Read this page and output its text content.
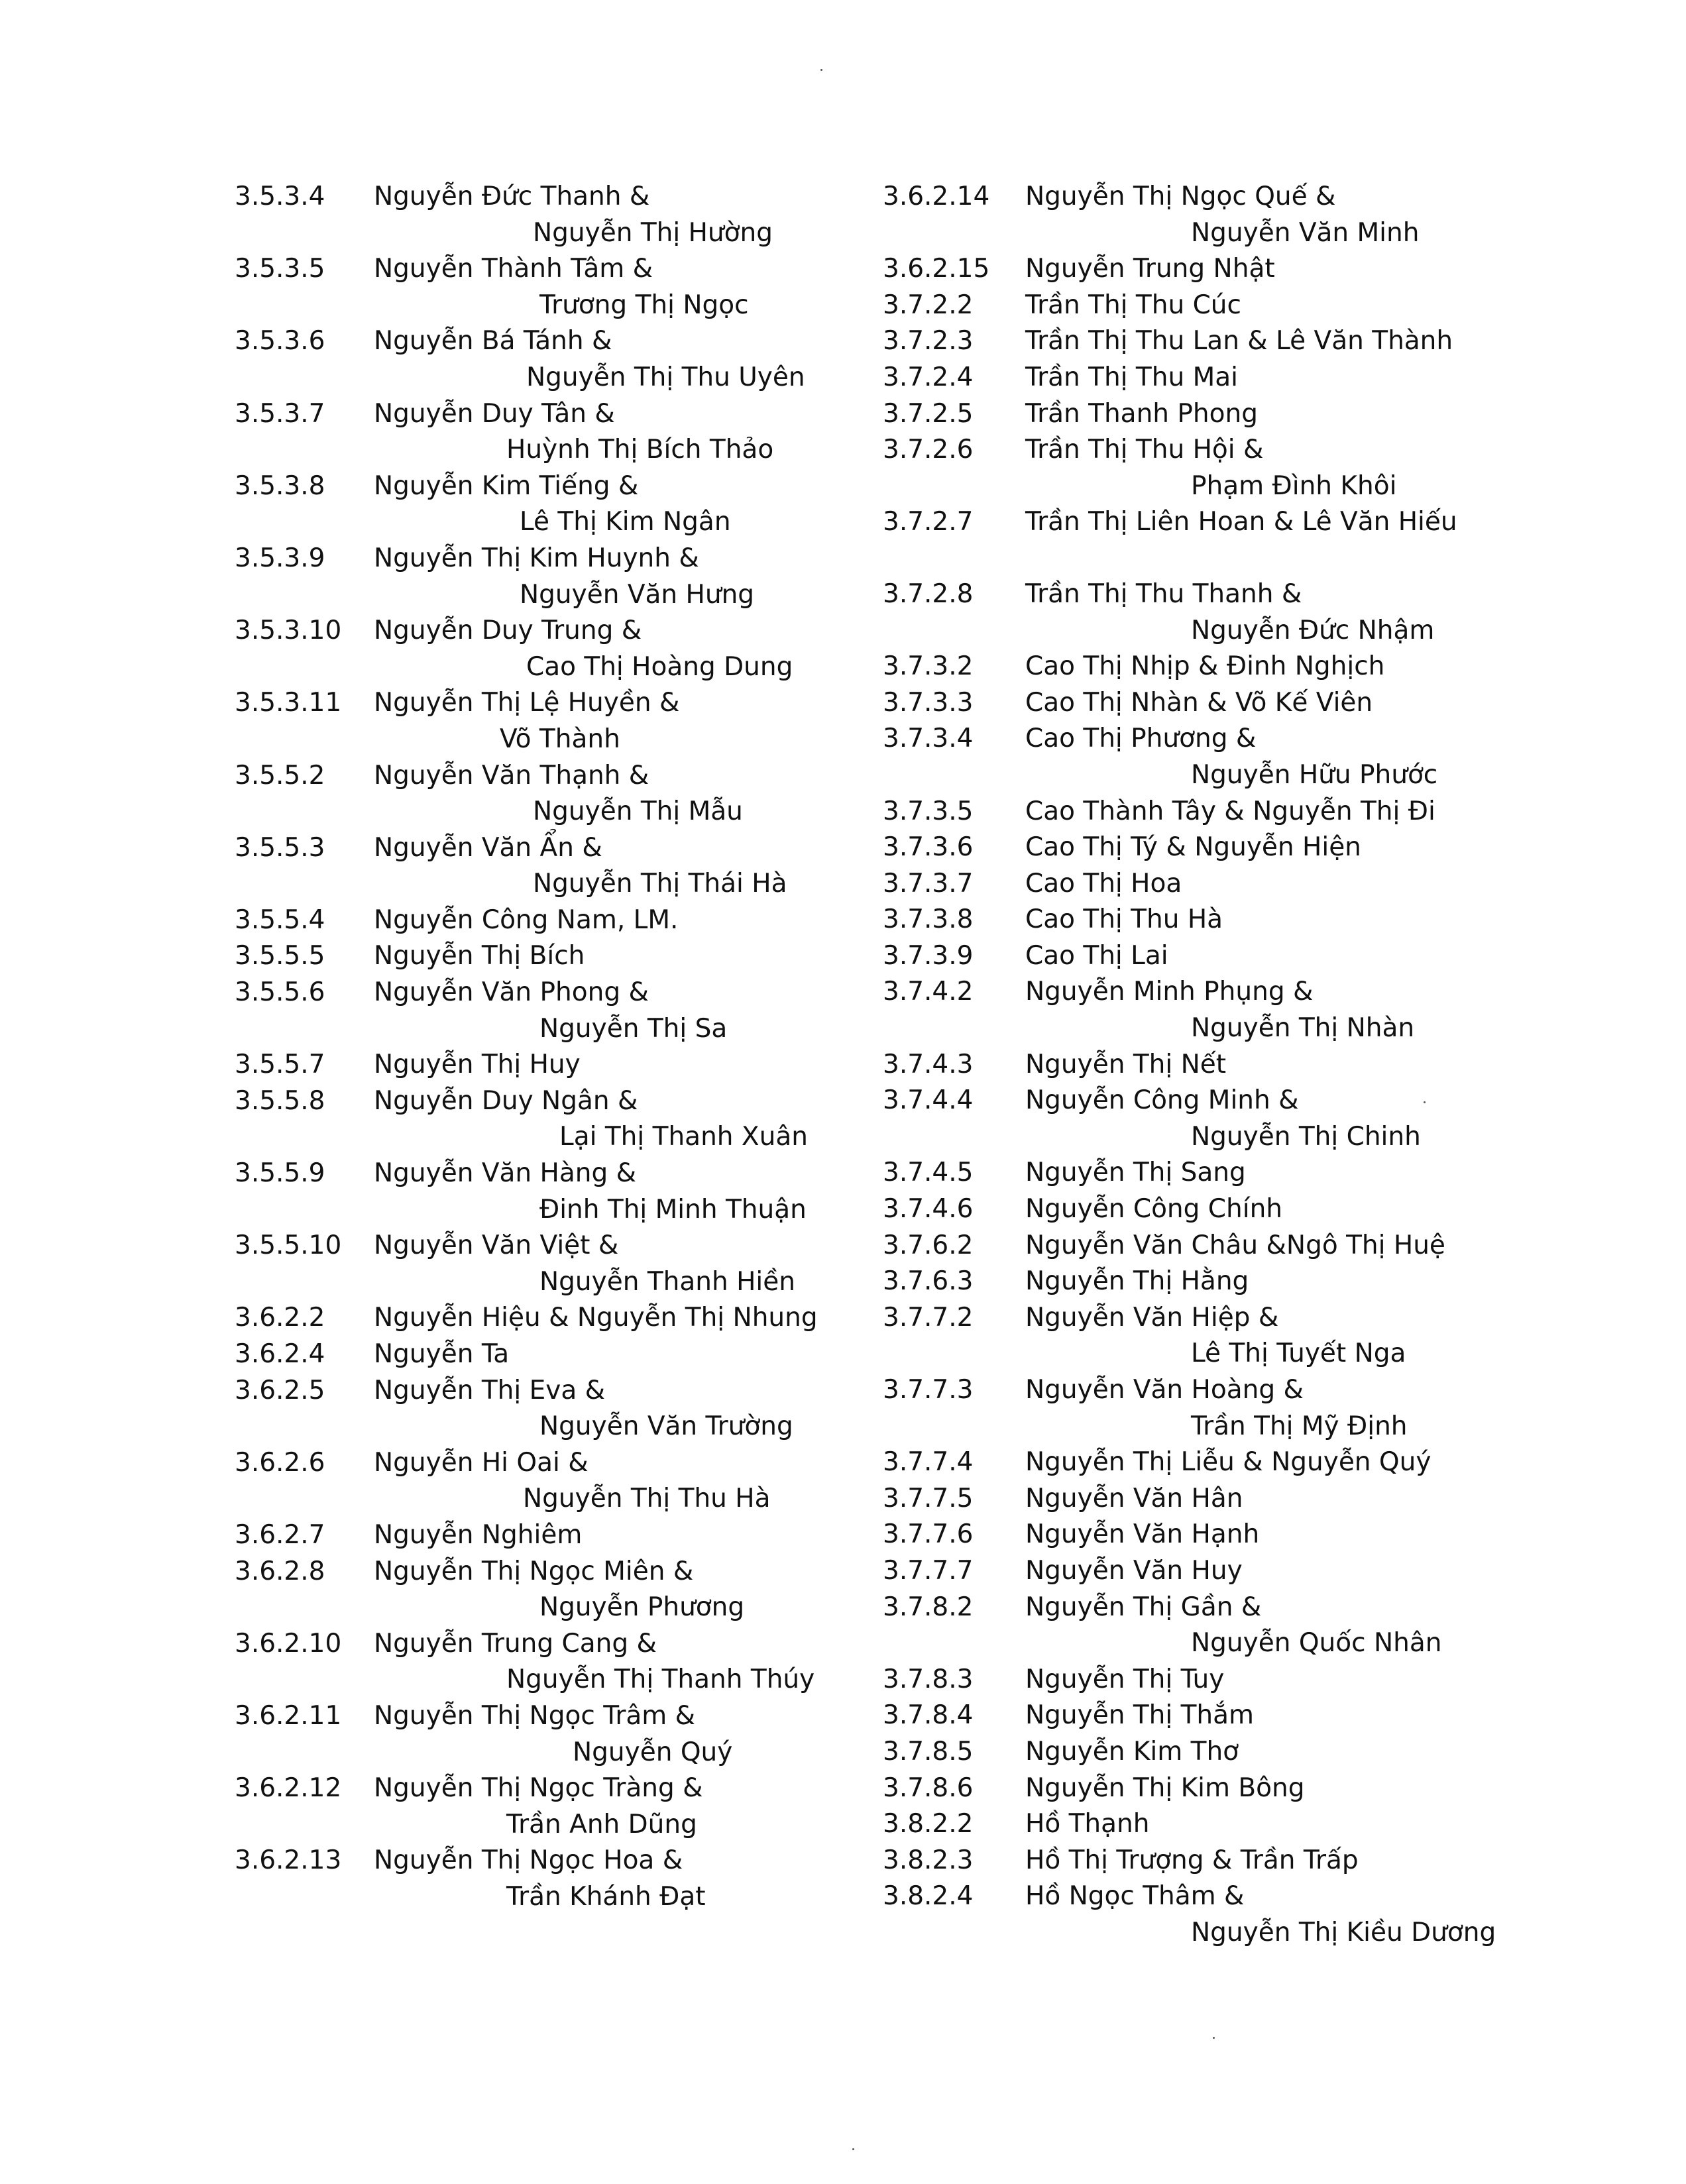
3.5.3.4 Nguyễn Đức Thanh &
Nguyễn Thị Hường
3.5.3.5 Nguyễn Thành Tâm &
Trương Thị Ngọc
3.5.3.6 Nguyễn Bá Tánh &
Nguyễn Thị Thu Uyên
3.5.3.7 Nguyễn Duy Tân &
Huỳnh Thị Bích Thảo
3.5.3.8 Nguyễn Kim Tiếng &
Lê Thị Kim Ngân
3.5.3.9 Nguyễn Thị Kim Huynh &
Nguyễn Văn Hưng
3.5.3.10 Nguyễn Duy Trung &
Cao Thị Hoàng Dung
3.5.3.11 Nguyễn Thị Lệ Huyền &
Võ Thành
3.5.5.2 Nguyễn Văn Thạnh &
Nguyễn Thị Mẫu
3.5.5.3 Nguyễn Văn Ẩn &
Nguyễn Thị Thái Hà
3.5.5.4 Nguyễn Công Nam, LM.
3.5.5.5 Nguyễn Thị Bích
3.5.5.6 Nguyễn Văn Phong &
Nguyễn Thị Sa
3.5.5.7 Nguyễn Thị Huy
3.5.5.8 Nguyễn Duy Ngân &
Lại Thị Thanh Xuân
3.5.5.9 Nguyễn Văn Hàng &
Đinh Thị Minh Thuận
3.5.5.10 Nguyễn Văn Việt &
Nguyễn Thanh Hiền
3.6.2.2 Nguyễn Hiệu & Nguyễn Thị Nhung
3.6.2.4 Nguyễn Ta
3.6.2.5 Nguyễn Thị Eva &
Nguyễn Văn Trường
3.6.2.6 Nguyễn Hi Oai &
Nguyễn Thị Thu Hà
3.6.2.7 Nguyễn Nghiêm
3.6.2.8 Nguyễn Thị Ngọc Miên &
Nguyễn Phương
3.6.2.10 Nguyễn Trung Cang &
Nguyễn Thị Thanh Thúy
3.6.2.11 Nguyễn Thị Ngọc Trâm &
Nguyễn Quý
3.6.2.12 Nguyễn Thị Ngọc Tràng &
Trần Anh Dũng
3.6.2.13 Nguyễn Thị Ngọc Hoa &
Trần Khánh Đạt
3.6.2.14 Nguyễn Thị Ngọc Quế &
Nguyễn Văn Minh
3.6.2.15 Nguyễn Trung Nhật
3.7.2.2 Trần Thị Thu Cúc
3.7.2.3 Trần Thị Thu Lan & Lê Văn Thành
3.7.2.4 Trần Thị Thu Mai
3.7.2.5 Trần Thanh Phong
3.7.2.6 Trần Thị Thu Hội &
Phạm Đình Khôi
3.7.2.7 Trần Thị Liên Hoan & Lê Văn Hiếu
3.7.2.8 Trần Thị Thu Thanh &
Nguyễn Đức Nhậm
3.7.3.2 Cao Thị Nhịp & Đinh Nghịch
3.7.3.3 Cao Thị Nhàn & Võ Kế Viên
3.7.3.4 Cao Thị Phương &
Nguyễn Hữu Phước
3.7.3.5 Cao Thành Tây & Nguyễn Thị Đi
3.7.3.6 Cao Thị Tý & Nguyễn Hiện
3.7.3.7 Cao Thị Hoa
3.7.3.8 Cao Thị Thu Hà
3.7.3.9 Cao Thị Lai
3.7.4.2 Nguyễn Minh Phụng &
Nguyễn Thị Nhàn
3.7.4.3 Nguyễn Thị Nết
3.7.4.4 Nguyễn Công Minh &
Nguyễn Thị Chinh
3.7.4.5 Nguyễn Thị Sang
3.7.4.6 Nguyễn Công Chính
3.7.6.2 Nguyễn Văn Châu &Ngô Thị Huệ
3.7.6.3 Nguyễn Thị Hằng
3.7.7.2 Nguyễn Văn Hiệp &
Lê Thị Tuyết Nga
3.7.7.3 Nguyễn Văn Hoàng &
Trần Thị Mỹ Định
3.7.7.4 Nguyễn Thị Liễu & Nguyễn Quý
3.7.7.5 Nguyễn Văn Hân
3.7.7.6 Nguyễn Văn Hạnh
3.7.7.7 Nguyễn Văn Huy
3.7.8.2 Nguyễn Thị Gần &
Nguyễn Quốc Nhân
3.7.8.3 Nguyễn Thị Tuy
3.7.8.4 Nguyễn Thị Thắm
3.7.8.5 Nguyễn Kim Thơ
3.7.8.6 Nguyễn Thị Kim Bông
3.8.2.2 Hồ Thạnh
3.8.2.3 Hồ Thị Trượng & Trần Trấp
3.8.2.4 Hồ Ngọc Thâm &
Nguyễn Thị Kiều Dương
